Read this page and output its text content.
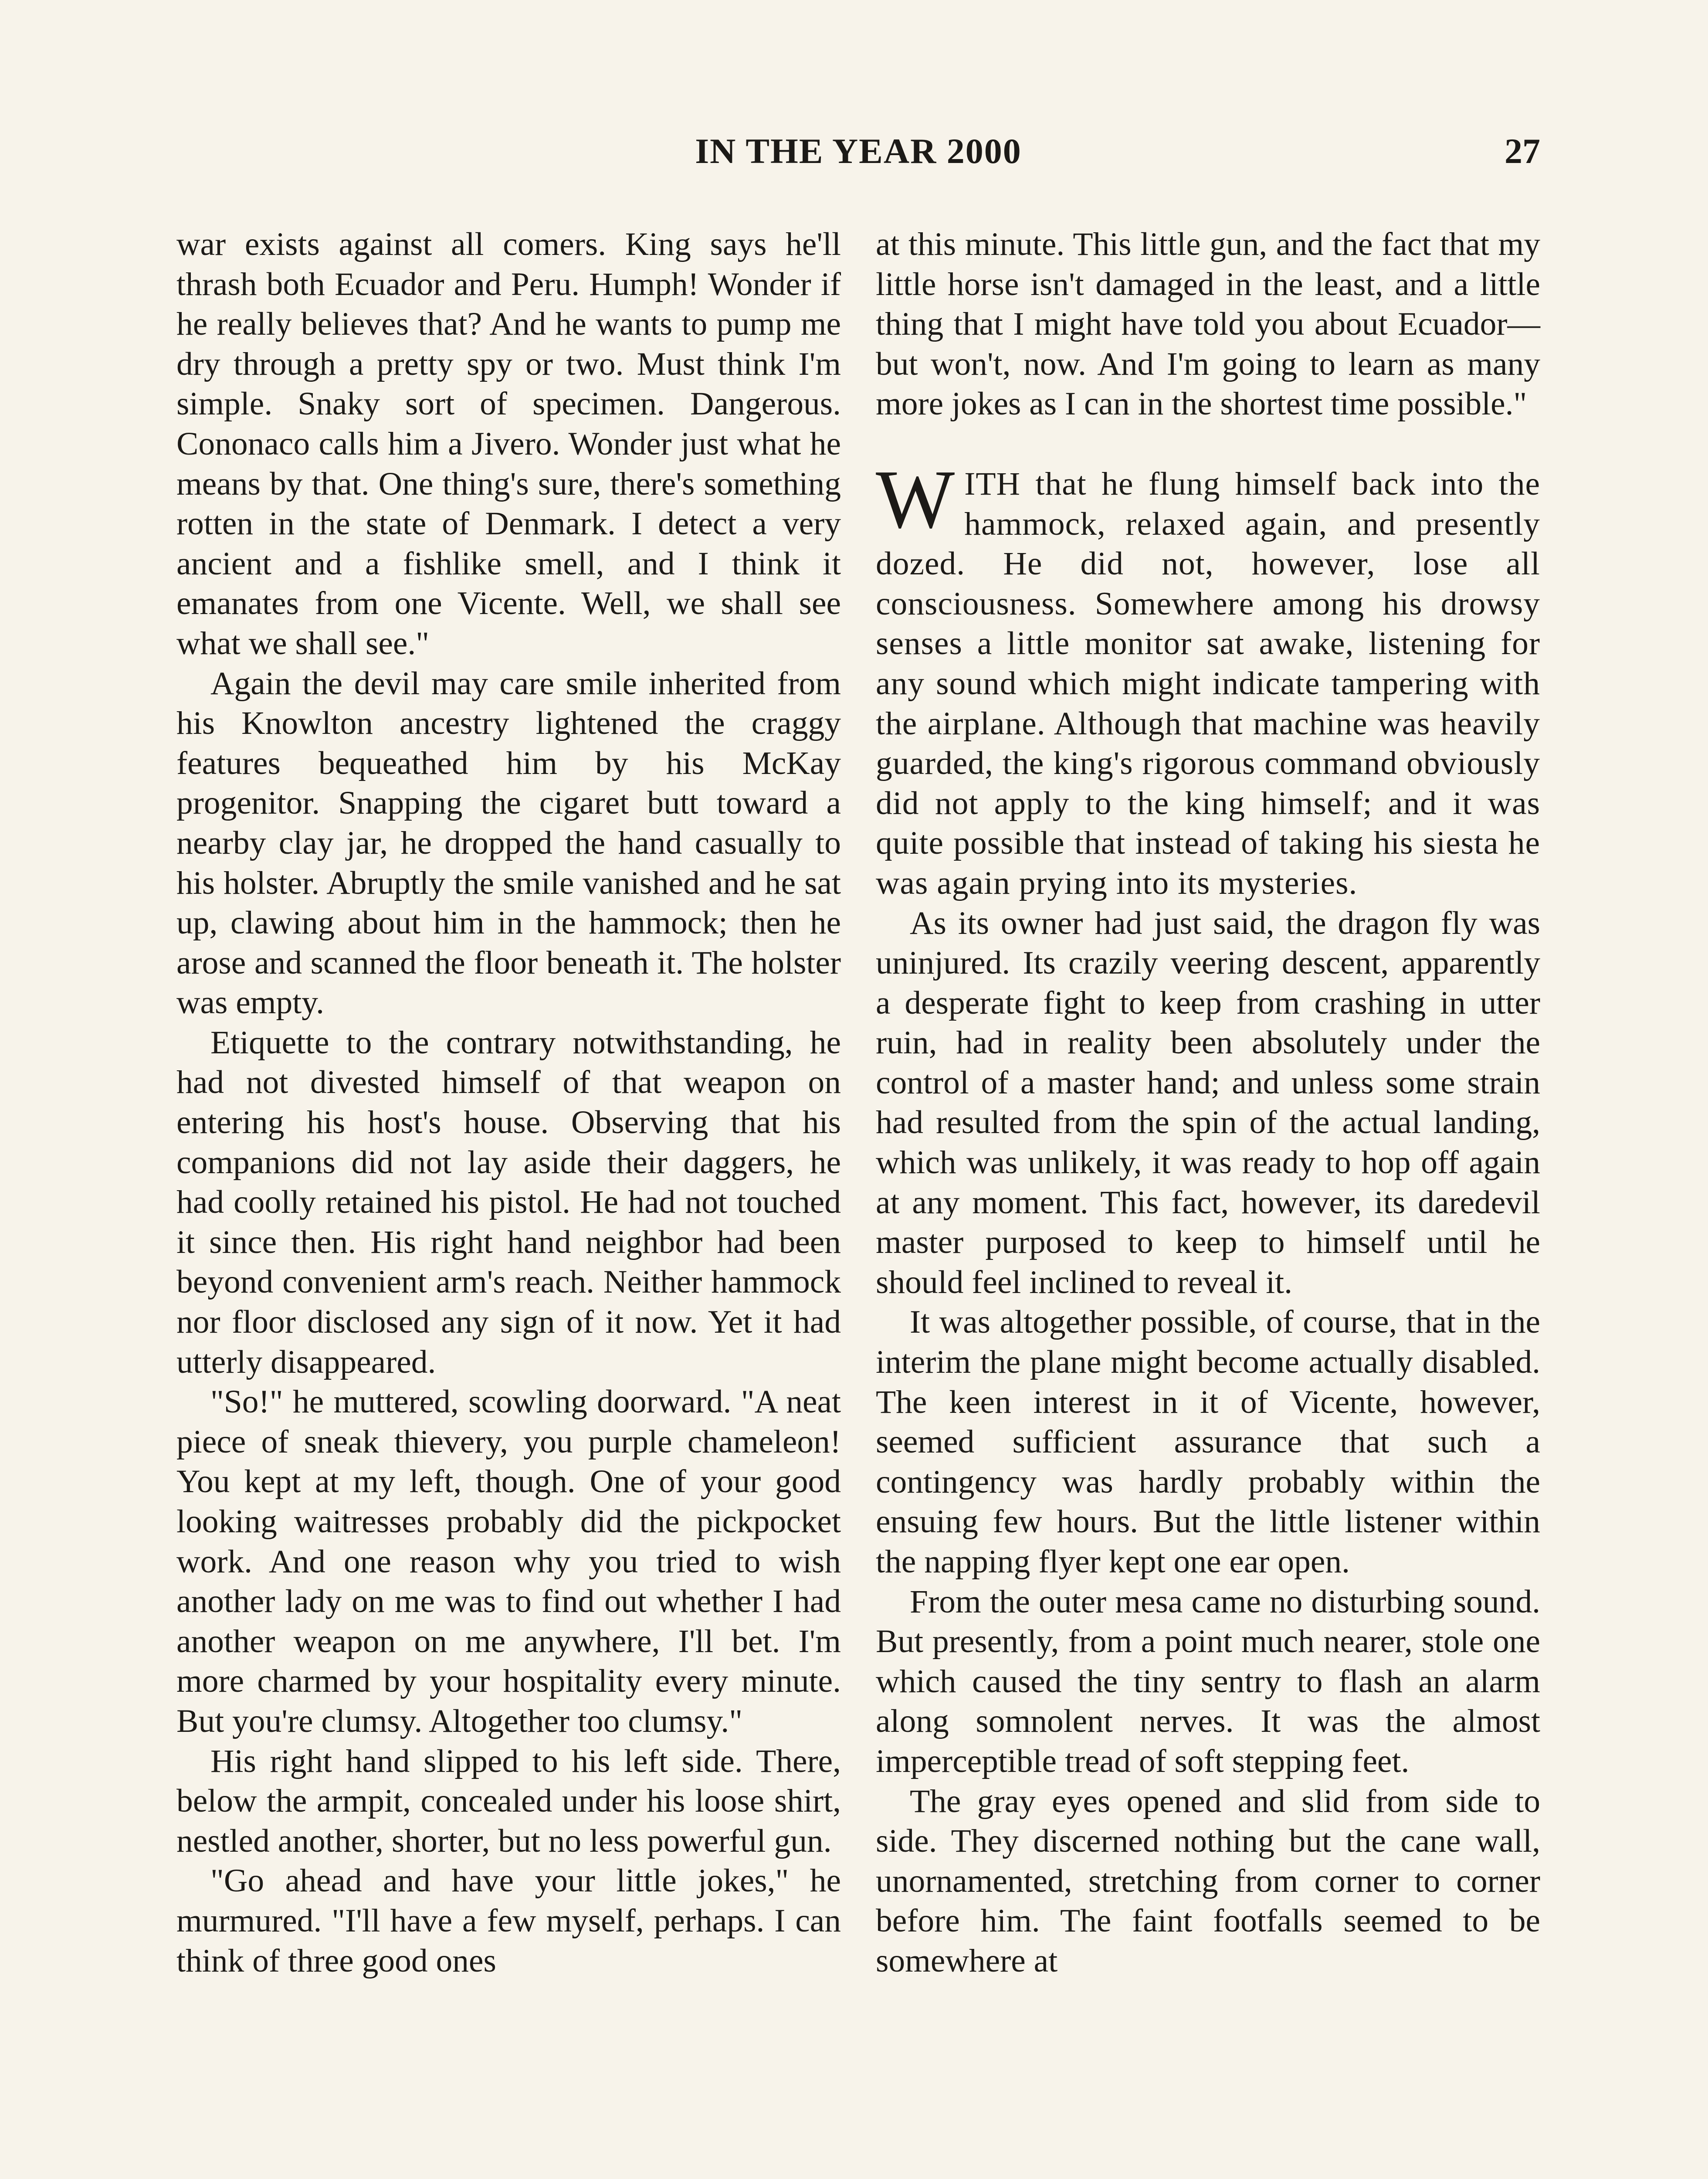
IN THE YEAR 2000	27

war exists against all comers. King says he'll thrash both Ecuador and Peru. Humph! Wonder if he really believes that? And he wants to pump me dry through a pretty spy or two. Must think I'm simple. Snaky sort of specimen. Dangerous. Cononaco calls him a Jivero. Wonder just what he means by that. One thing's sure, there's something rotten in the state of Denmark. I detect a very ancient and a fishlike smell, and I think it emanates from one Vicente. Well, we shall see what we shall see."

Again the devil may care smile inherited from his Knowlton ancestry lightened the craggy features bequeathed him by his McKay progenitor. Snapping the cigaret butt toward a nearby clay jar, he dropped the hand casually to his holster. Abruptly the smile vanished and he sat up, clawing about him in the hammock; then he arose and scanned the floor beneath it. The holster was empty.

Etiquette to the contrary notwithstanding, he had not divested himself of that weapon on entering his host's house. Observing that his companions did not lay aside their daggers, he had coolly retained his pistol. He had not touched it since then. His right hand neighbor had been beyond convenient arm's reach. Neither hammock nor floor disclosed any sign of it now. Yet it had utterly disappeared.

"So!" he muttered, scowling doorward. "A neat piece of sneak thievery, you purple chameleon! You kept at my left, though. One of your good looking waitresses probably did the pickpocket work. And one reason why you tried to wish another lady on me was to find out whether I had another weapon on me anywhere, I'll bet. I'm more charmed by your hospitality every minute. But you're clumsy. Altogether too clumsy."

His right hand slipped to his left side. There, below the armpit, concealed under his loose shirt, nestled another, shorter, but no less powerful gun.

"Go ahead and have your little jokes," he murmured. "I'll have a few myself, perhaps. I can think of three good ones

at this minute. This little gun, and the fact that my little horse isn't damaged in the least, and a little thing that I might have told you about Ecuador—but won't, now. And I'm going to learn as many more jokes as I can in the shortest time possible."

WITH that he flung himself back into the hammock, relaxed again, and presently dozed. He did not, however, lose all consciousness. Somewhere among his drowsy senses a little monitor sat awake, listening for any sound which might indicate tampering with the airplane. Although that machine was heavily guarded, the king's rigorous command obviously did not apply to the king himself; and it was quite possible that instead of taking his siesta he was again prying into its mysteries.

As its owner had just said, the dragon fly was uninjured. Its crazily veering descent, apparently a desperate fight to keep from crashing in utter ruin, had in reality been absolutely under the control of a master hand; and unless some strain had resulted from the spin of the actual landing, which was unlikely, it was ready to hop off again at any moment. This fact, however, its daredevil master purposed to keep to himself until he should feel inclined to reveal it.

It was altogether possible, of course, that in the interim the plane might become actually disabled. The keen interest in it of Vicente, however, seemed sufficient assurance that such a contingency was hardly probably within the ensuing few hours. But the little listener within the napping flyer kept one ear open.

From the outer mesa came no disturbing sound. But presently, from a point much nearer, stole one which caused the tiny sentry to flash an alarm along somnolent nerves. It was the almost imperceptible tread of soft stepping feet.

The gray eyes opened and slid from side to side. They discerned nothing but the cane wall, unornamented, stretching from corner to corner before him. The faint footfalls seemed to be somewhere at
